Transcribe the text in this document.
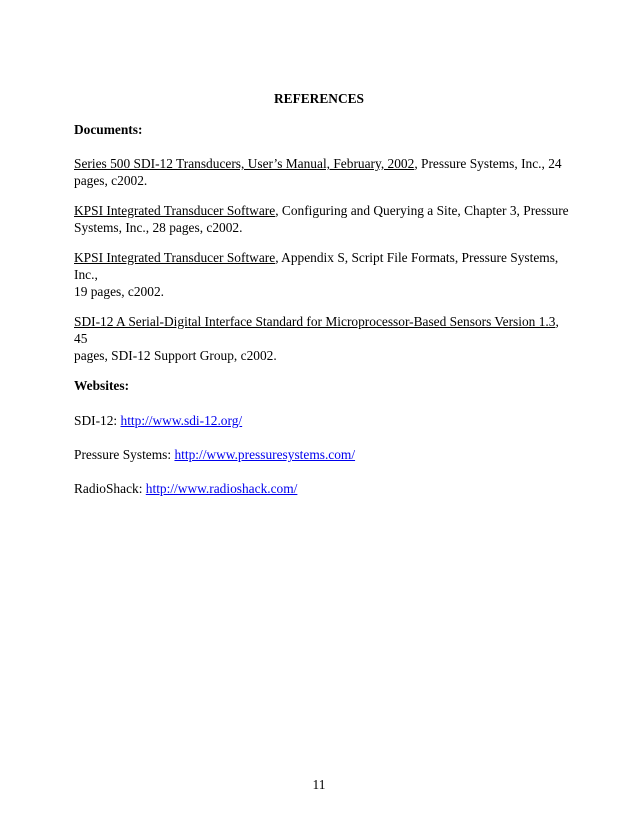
REFERENCES

Documents:

Series 500 SDI-12 Transducers, User’s Manual, February, 2002, Pressure Systems, Inc., 24
pages, c2002.

KPSI Integrated Transducer Software, Configuring and Querying a Site, Chapter 3, Pressure
Systems, Inc., 28 pages, c2002.

KPSI Integrated Transducer Software, Appendix S, Script File Formats, Pressure Systems, Inc.,
19 pages, c2002.

SDI-12 A Serial-Digital Interface Standard for Microprocessor-Based Sensors Version 1.3, 45
pages, SDI-12 Support Group, c2002.

Websites:

SDI-12: http://www.sdi-12.org/

Pressure Systems: http://www.pressuresystems.com/

RadioShack: http://www.radioshack.com/

11
